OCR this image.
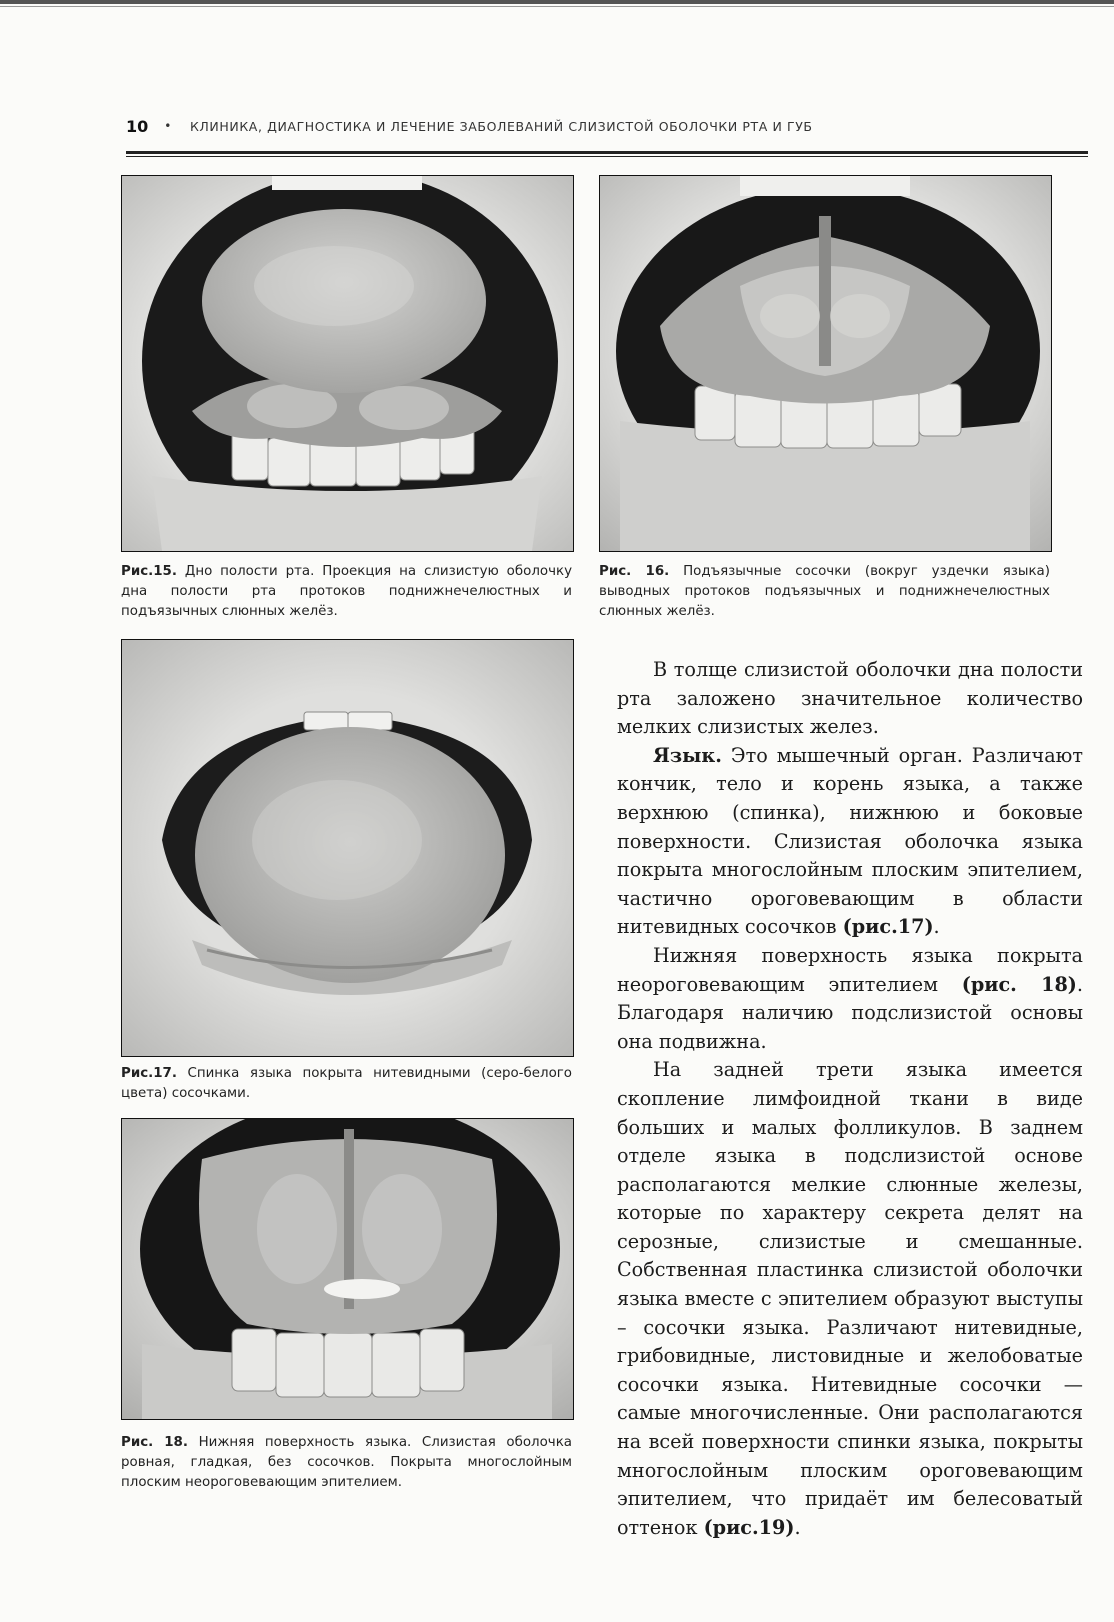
10 • КЛИНИКА, ДИАГНОСТИКА И ЛЕЧЕНИЕ ЗАБОЛЕВАНИЙ СЛИЗИСТОЙ ОБОЛОЧКИ РТА И ГУБ
Рис.15. Дно полости рта. Проекция на слизистую оболочку дна полости рта протоков поднижнечелюстных и подъязычных слюнных желёз.
Рис. 16. Подъязычные сосочки (вокруг уздечки языка) выводных протоков подъязычных и поднижнечелюстных слюнных желёз.
Рис.17. Спинка языка покрыта нитевидными (серо-белого цвета) сосочками.
Рис. 18. Нижняя поверхность языка. Слизистая оболочка ровная, гладкая, без сосочков. Покрыта многослойным плоским неороговевающим эпителием.

В толще слизистой оболочки дна полости рта заложено значительное количество мелких слизистых желез.

Язык. Это мышечный орган. Различают кончик, тело и корень языка, а также верхнюю (спинка), нижнюю и боковые поверхности. Слизистая оболочка языка покрыта многослойным плоским эпителием, частично ороговевающим в области нитевидных сосочков (рис.17).

Нижняя поверхность языка покрыта неороговевающим эпителием (рис. 18). Благодаря наличию подслизистой основы она подвижна.

На задней трети языка имеется скопление лимфоидной ткани в виде больших и малых фолликулов. В заднем отделе языка в подслизистой основе располагаются мелкие слюнные железы, которые по характеру секрета делят на серозные, слизистые и смешанные. Собственная пластинка слизистой оболочки языка вместе с эпителием образуют выступы – сосочки языка. Различают нитевидные, грибовидные, листовидные и желобоватые сосочки языка. Нитевидные сосочки — самые многочисленные. Они располагаются на всей поверхности спинки языка, покрыты многослойным плоским ороговевающим эпителием, что придаёт им белесоватый оттенок (рис.19).
